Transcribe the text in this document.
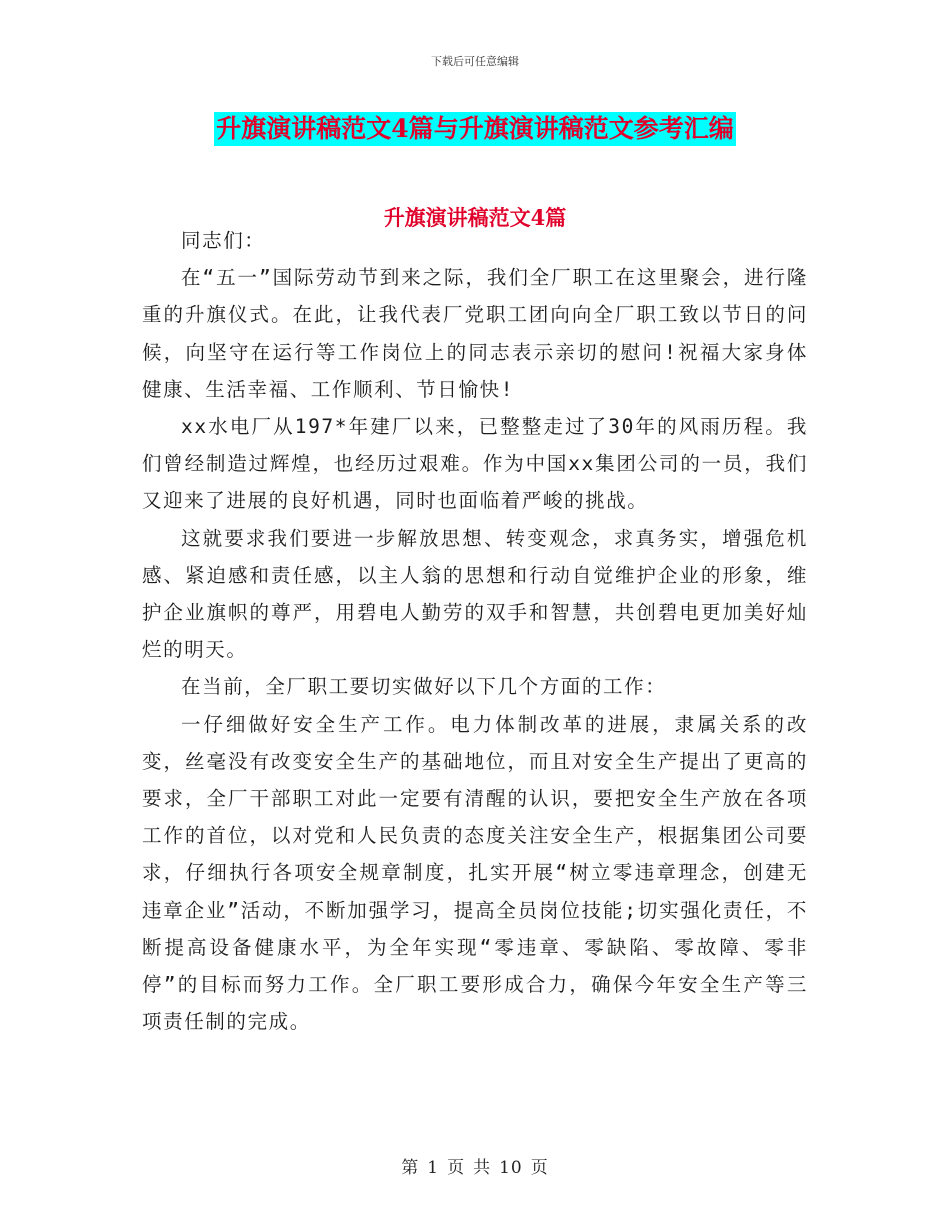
下载后可任意编辑
升旗演讲稿范文4篇与升旗演讲稿范文参考汇编
升旗演讲稿范文4篇

同志们：

在“五一”国际劳动节到来之际，我们全厂职工在这里聚会，进行隆重的升旗仪式。在此，让我代表厂党职工团向向全厂职工致以节日的问候，向坚守在运行等工作岗位上的同志表示亲切的慰问!祝福大家身体健康、生活幸福、工作顺利、节日愉快!

xx水电厂从197*年建厂以来，已整整走过了30年的风雨历程。我们曾经制造过辉煌，也经历过艰难。作为中国xx集团公司的一员，我们又迎来了进展的良好机遇，同时也面临着严峻的挑战。

这就要求我们要进一步解放思想、转变观念，求真务实，增强危机感、紧迫感和责任感，以主人翁的思想和行动自觉维护企业的形象，维护企业旗帜的尊严，用碧电人勤劳的双手和智慧，共创碧电更加美好灿烂的明天。

在当前，全厂职工要切实做好以下几个方面的工作：

一仔细做好安全生产工作。电力体制改革的进展，隶属关系的改变，丝毫没有改变安全生产的基础地位，而且对安全生产提出了更高的要求，全厂干部职工对此一定要有清醒的认识，要把安全生产放在各项工作的首位，以对党和人民负责的态度关注安全生产，根据集团公司要求，仔细执行各项安全规章制度，扎实开展“树立零违章理念，创建无违章企业”活动，不断加强学习，提高全员岗位技能;切实强化责任，不断提高设备健康水平，为全年实现“零违章、零缺陷、零故障、零非停”的目标而努力工作。全厂职工要形成合力，确保今年安全生产等三项责任制的完成。

第 1 页 共 10 页
